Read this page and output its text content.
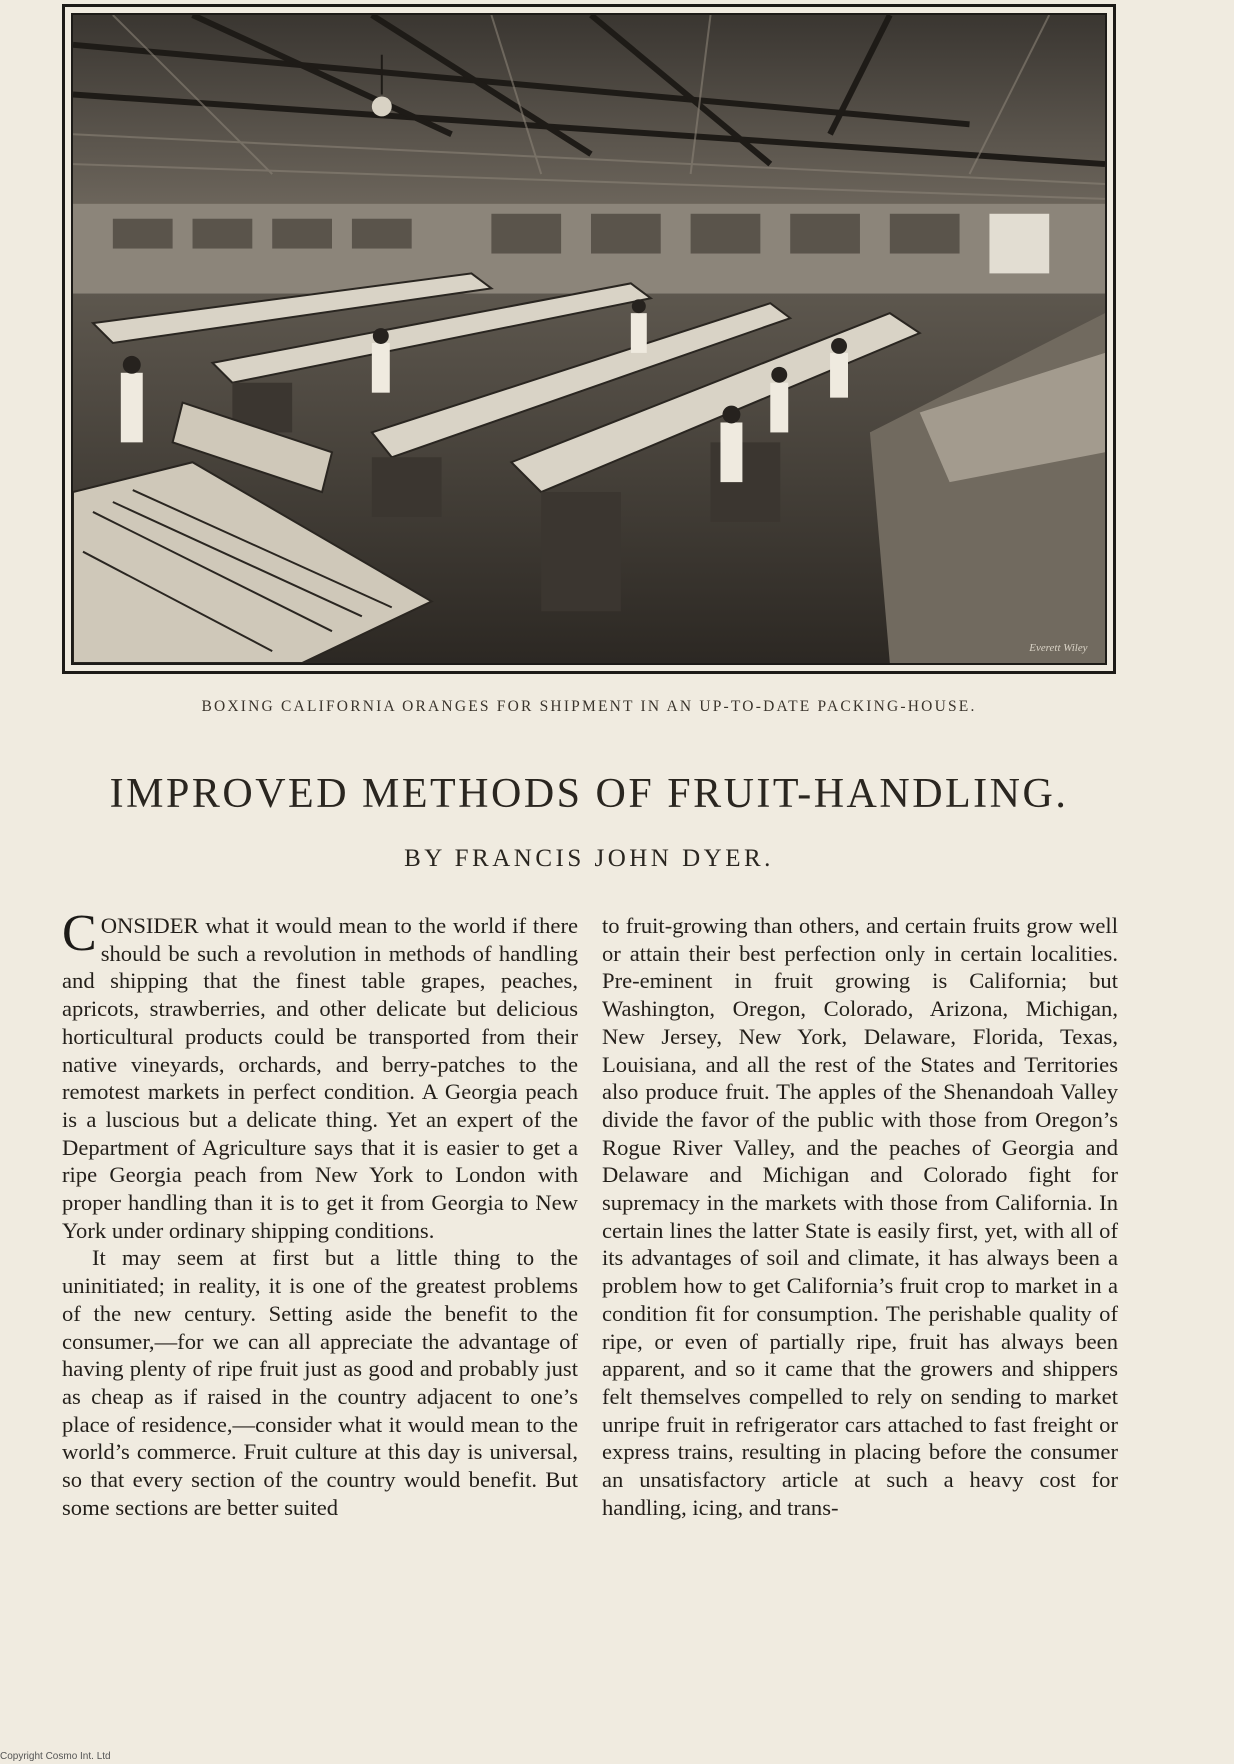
Everett Wiley
BOXING CALIFORNIA ORANGES FOR SHIPMENT IN AN UP-TO-DATE PACKING-HOUSE.
IMPROVED METHODS OF FRUIT-HANDLING.
BY FRANCIS JOHN DYER.

CONSIDER what it would mean to the world if there should be such a revolution in methods of handling and shipping that the finest table grapes, peaches, apricots, strawberries, and other delicate but delicious horticultural products could be transported from their native vineyards, orchards, and berry-patches to the remotest markets in perfect condition. A Georgia peach is a luscious but a delicate thing. Yet an expert of the Department of Agriculture says that it is easier to get a ripe Georgia peach from New York to London with proper handling than it is to get it from Georgia to New York under ordinary shipping conditions.

It may seem at first but a little thing to the uninitiated; in reality, it is one of the greatest problems of the new century. Setting aside the benefit to the consumer,—for we can all appreciate the advantage of having plenty of ripe fruit just as good and probably just as cheap as if raised in the country adjacent to one’s place of residence,—consider what it would mean to the world’s commerce. Fruit culture at this day is universal, so that every section of the country would benefit. But some sections are better suited

to fruit-growing than others, and certain fruits grow well or attain their best perfection only in certain localities. Pre-eminent in fruit growing is California; but Washington, Oregon, Colorado, Arizona, Michigan, New Jersey, New York, Delaware, Florida, Texas, Louisiana, and all the rest of the States and Territories also produce fruit. The apples of the Shenandoah Valley divide the favor of the public with those from Oregon’s Rogue River Valley, and the peaches of Georgia and Delaware and Michigan and Colorado fight for supremacy in the markets with those from California. In certain lines the latter State is easily first, yet, with all of its advantages of soil and climate, it has always been a problem how to get California’s fruit crop to market in a condition fit for consumption. The perishable quality of ripe, or even of partially ripe, fruit has always been apparent, and so it came that the growers and shippers felt themselves compelled to rely on sending to market unripe fruit in refrigerator cars attached to fast freight or express trains, resulting in placing before the consumer an unsatisfactory article at such a heavy cost for handling, icing, and trans-

Copyright Cosmo Int. Ltd
